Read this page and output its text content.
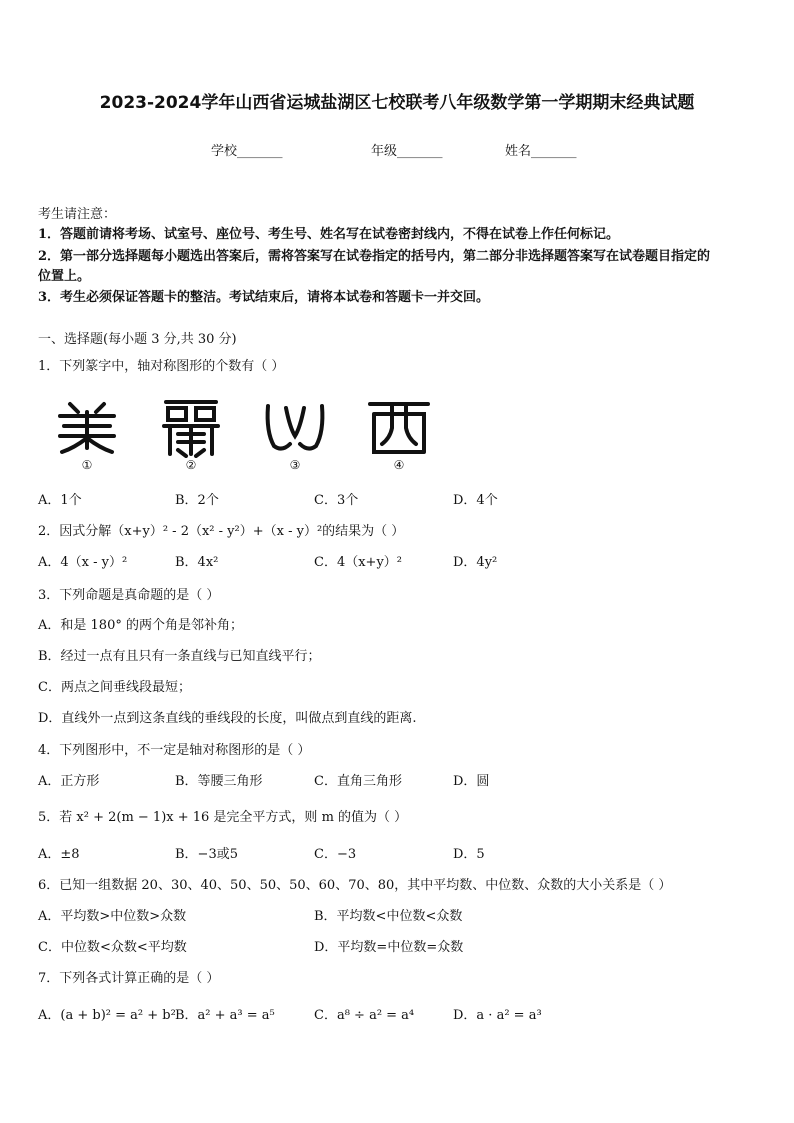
2023-2024学年山西省运城盐湖区七校联考八年级数学第一学期期末经典试题
学校_______	年级_______	姓名_______
考生请注意：
1．答题前请将考场、试室号、座位号、考生号、姓名写在试卷密封线内，不得在试卷上作任何标记。
2．第一部分选择题每小题选出答案后，需将答案写在试卷指定的括号内，第二部分非选择题答案写在试卷题目指定的
位置上。
3．考生必须保证答题卡的整洁。考试结束后，请将本试卷和答题卡一并交回。
一、选择题(每小题 3 分,共 30 分)
1．下列篆字中，轴对称图形的个数有（ ）
①	②	③	④
A．1个	B．2个	C．3个	D．4个
2．因式分解（x+y）² - 2（x² - y²）+（x - y）²的结果为（ ）
A．4（x - y）²	B．4x²	C．4（x+y）²	D．4y²
3．下列命题是真命题的是（ ）
A．和是 180° 的两个角是邻补角；
B．经过一点有且只有一条直线与已知直线平行；
C．两点之间垂线段最短；
D．直线外一点到这条直线的垂线段的长度，叫做点到直线的距离.
4．下列图形中，不一定是轴对称图形的是（ ）
A．正方形	B．等腰三角形	C．直角三角形	D．圆
5．若 x² + 2(m − 1)x + 16 是完全平方式，则 m 的值为（ ）
A．±8	B．−3或5	C．−3	D．5
6．已知一组数据 20、30、40、50、50、50、60、70、80，其中平均数、中位数、众数的大小关系是（ ）
A．平均数>中位数>众数	B．平均数<中位数<众数
C．中位数<众数<平均数	D．平均数=中位数=众数
7．下列各式计算正确的是（ ）
A．(a + b)² = a² + b² B．a² + a³ = a⁵	C．a⁸ ÷ a² = a⁴	D．a · a² = a³
